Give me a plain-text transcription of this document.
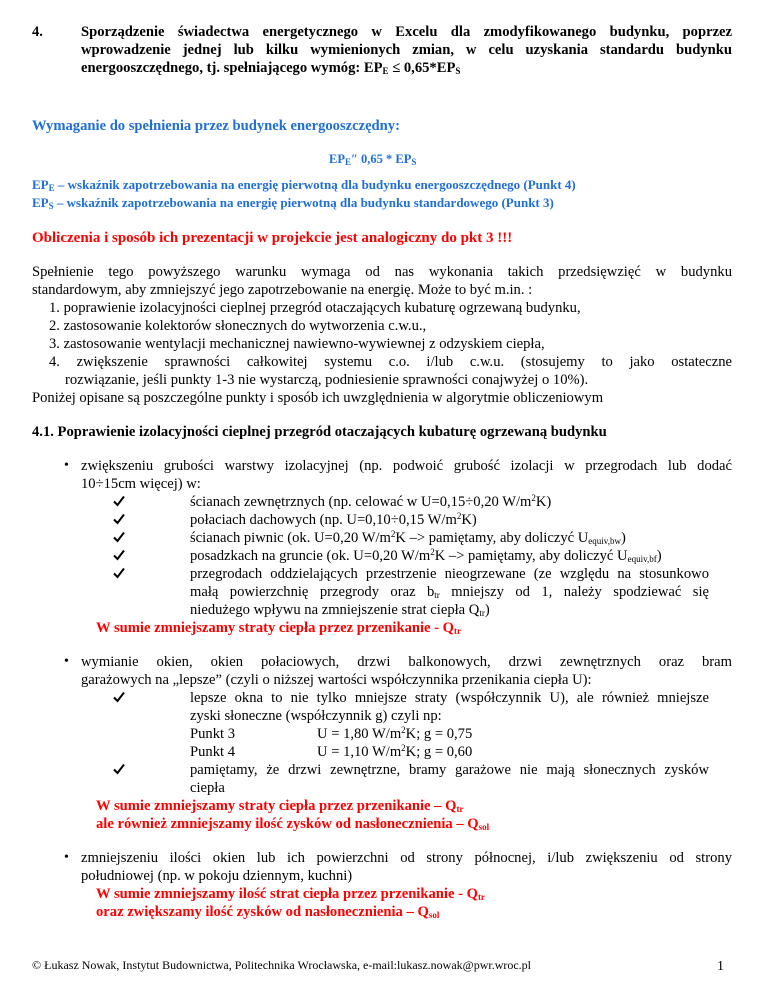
4.	Sporządzenie świadectwa energetycznego w Excelu dla zmodyfikowanego budynku, poprzez
wprowadzenie jednej lub kilku wymienionych zmian, w celu uzyskania standardu budynku
energooszczędnego, tj. spełniającego wymóg: $EP_E \le 0,65*EP_S$
Wymaganie do spełnienia przez budynek energooszczędny:
$EP_E''$ $0,65 * EP_S$
$EP_E$ – wskaźnik zapotrzebowania na energię pierwotną dla budynku energooszczędnego (Punkt 4)
$EP_S$ – wskaźnik zapotrzebowania na energię pierwotną dla budynku standardowego (Punkt 3)
Obliczenia i sposób ich prezentacji w projekcie jest analogiczny do pkt 3 !!!
Spełnienie tego powyższego warunku wymaga od nas wykonania takich przedsięwzięć w budynku
standardowym, aby zmniejszyć jego zapotrzebowanie na energię. Może to być m.in. :
1. poprawienie izolacyjności cieplnej przegród otaczających kubaturę ogrzewaną budynku,
2. zastosowanie kolektorów słonecznych do wytworzenia c.w.u.,
3. zastosowanie wentylacji mechanicznej nawiewno-wywiewnej z odzyskiem ciepła,
4. zwiększenie sprawności całkowitej systemu c.o. i/lub c.w.u. (stosujemy to jako ostateczne
rozwiązanie, jeśli punkty 1-3 nie wystarczą, podniesienie sprawności conajwyżej o 10%).
Poniżej opisane są poszczególne punkty i sposób ich uwzględnienia w algorytmie obliczeniowym
4.1. Poprawienie izolacyjności cieplnej przegród otaczających kubaturę ogrzewaną budynku
• zwiększeniu grubości warstwy izolacyjnej (np. podwoić grubość izolacji w przegrodach lub dodać
10÷15cm więcej) w:
ścianach zewnętrznych (np. celować w U=0,15÷0,20 $W/m^2K$)
połaciach dachowych (np. U=0,10÷0,15 $W/m^2K$)
ścianach piwnic (ok. U=0,20 $W/m^2K$ –> pamiętamy, aby doliczyć $U_{equiv,bw}$)
posadzkach na gruncie (ok. U=0,20 $W/m^2K$ –> pamiętamy, aby doliczyć $U_{equiv,bf}$)
przegrodach oddzielających przestrzenie nieogrzewane (ze względu na stosunkowo
małą powierzchnię przegrody oraz $b_{tr}$ mniejszy od 1, należy spodziewać się
niedużego wpływu na zmniejszenie strat ciepła $Q_{tr}$)
W sumie zmniejszamy straty ciepła przez przenikanie - $Q_{tr}$
• wymianie okien, okien połaciowych, drzwi balkonowych, drzwi zewnętrznych oraz bram
garażowych na „lepsze” (czyli o niższej wartości współczynnika przenikania ciepła U):
lepsze okna to nie tylko mniejsze straty (współczynnik U), ale również mniejsze
zyski słoneczne (współczynnik g) czyli np:
Punkt 3	U = 1,80 $W/m^2K$; g = 0,75
Punkt 4	U = 1,10 $W/m^2K$; g = 0,60
pamiętamy, że drzwi zewnętrzne, bramy garażowe nie mają słonecznych zysków
ciepła
W sumie zmniejszamy straty ciepła przez przenikanie – $Q_{tr}$
ale również zmniejszamy ilość zysków od nasłonecznienia – $Q_{sol}$
• zmniejszeniu ilości okien lub ich powierzchni od strony północnej, i/lub zwiększeniu od strony
południowej (np. w pokoju dziennym, kuchni)
W sumie zmniejszamy ilość strat ciepła przez przenikanie - $Q_{tr}$
oraz zwiększamy ilość zysków od nasłonecznienia – $Q_{sol}$
© Łukasz Nowak, Instytut Budownictwa, Politechnika Wrocławska, e-mail:lukasz.nowak@pwr.wroc.pl	1
